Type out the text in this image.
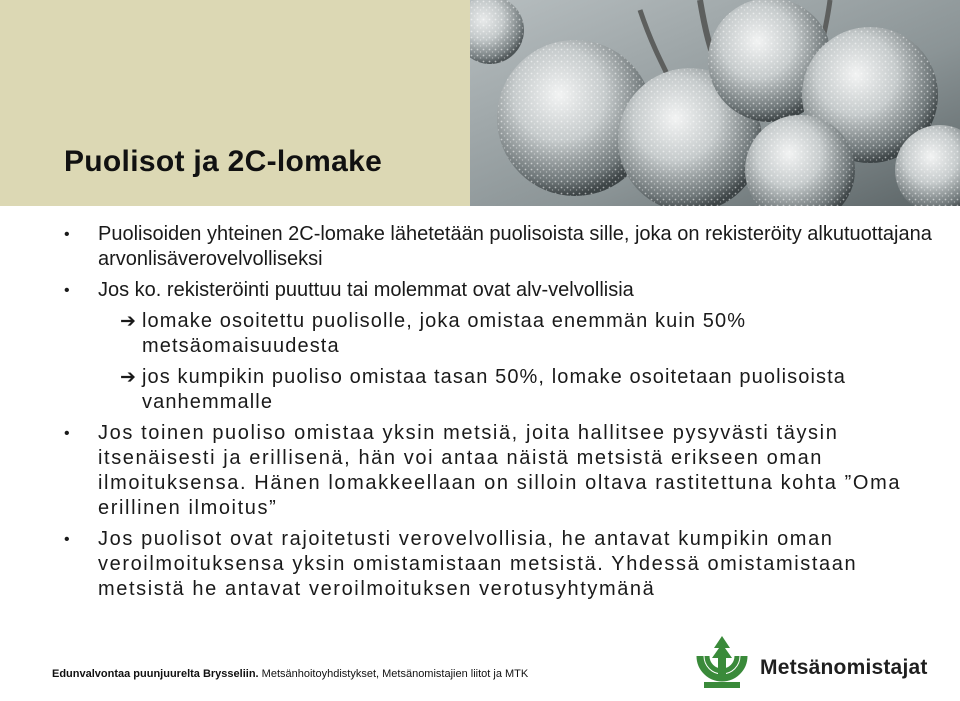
Puolisot ja 2C-lomake
• Puolisoiden yhteinen 2C-lomake lähetetään puolisoista sille, joka on rekisteröity alkutuottajana arvonlisäverovelvolliseksi
• Jos ko. rekisteröinti puuttuu tai molemmat ovat alv-velvollisia
➔ lomake osoitettu puolisolle, joka omistaa enemmän kuin 50% metsäomaisuudesta
➔ jos kumpikin puoliso omistaa tasan 50%, lomake osoitetaan puolisoista vanhemmalle
• Jos toinen puoliso omistaa yksin metsiä, joita hallitsee pysyvästi täysin itsenäisesti ja erillisenä, hän voi antaa näistä metsistä erikseen oman ilmoituksensa. Hänen lomakkeellaan on silloin oltava rastitettuna kohta ”Oma erillinen ilmoitus”
• Jos puolisot ovat rajoitetusti verovelvollisia, he antavat kumpikin oman veroilmoituksensa yksin omistamistaan metsistä. Yhdessä omistamistaan metsistä he antavat veroilmoituksen verotusyhtymänä
Edunvalvontaa puunjuurelta Brysseliin. Metsänhoitoyhdistykset, Metsänomistajien liitot ja MTK	Metsänomistajat
